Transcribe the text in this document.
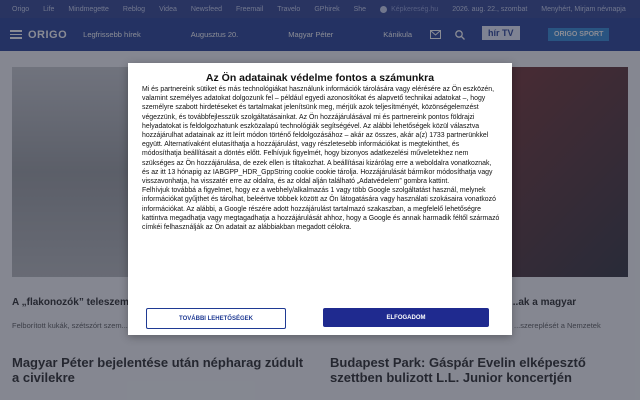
Az Ön adatainak védelme fontos a számunkra

Mi és partnereink sütiket és más technológiákat használunk információk tárolására vagy elérésére az Ön eszközén, valamint személyes adatokat dolgozunk fel – például egyedi azonosítókat és alapvető technikai adatokat –, hogy személyre szabott hirdetéseket és tartalmakat jelenítsünk meg, mérjük azok teljesítményét, közönségelemzést végezzünk, és továbbfejlesszük szolgáltatásainkat. Az Ön hozzájárulásával mi és partnereink pontos földrajzi helyadatokat is feldolgozhatunk eszközalapú technológiák segítségével. Az alábbi lehetőségek közül választva hozzájárulhat adatainak az itt leírt módon történő feldolgozásához – akár az összes, akár a(z) 1733 partnerünkkel együtt. Alternatívaként elutasíthatja a hozzájárulást, vagy részletesebb információkat is megtekinthet, és módosíthatja beállításait a döntés előtt. Felhívjuk figyelmét, hogy bizonyos adatkezelési műveletekhez nem szükséges az Ön hozzájárulása, de ezek ellen is tiltakozhat. A beállításai kizárólag erre a weboldalra vonatkoznak, és az itt 13 hónapig az IABGPP_HDR_GppString cookie cookie tárolja. Hozzájárulását bármikor módosíthatja vagy visszavonhatja, ha visszatér erre az oldalra, és az oldal alján található „Adatvédelem” gombra kattint.

Felhívjuk továbbá a figyelmet, hogy ez a webhely/alkalmazás 1 vagy több Google szolgáltatást használ, melynek információkat gyűjthet és tárolhat, beleértve többek között az Ön látogatására vagy használati szokásaira vonatkozó információkat. Az alábbi, a Google részére adott hozzájárulást tartalmazó szakaszban, a megfelelő lehetőségre kattintva megadhatja vagy megtagadhatja a hozzájárulását ahhoz, hogy a Google és annak harmadik féltől származó címkéi felhasználják az Ön adatait az alábbiakban megadott célokra.

TOVÁBBI LEHETŐSÉGEK	ELFOGADOM
